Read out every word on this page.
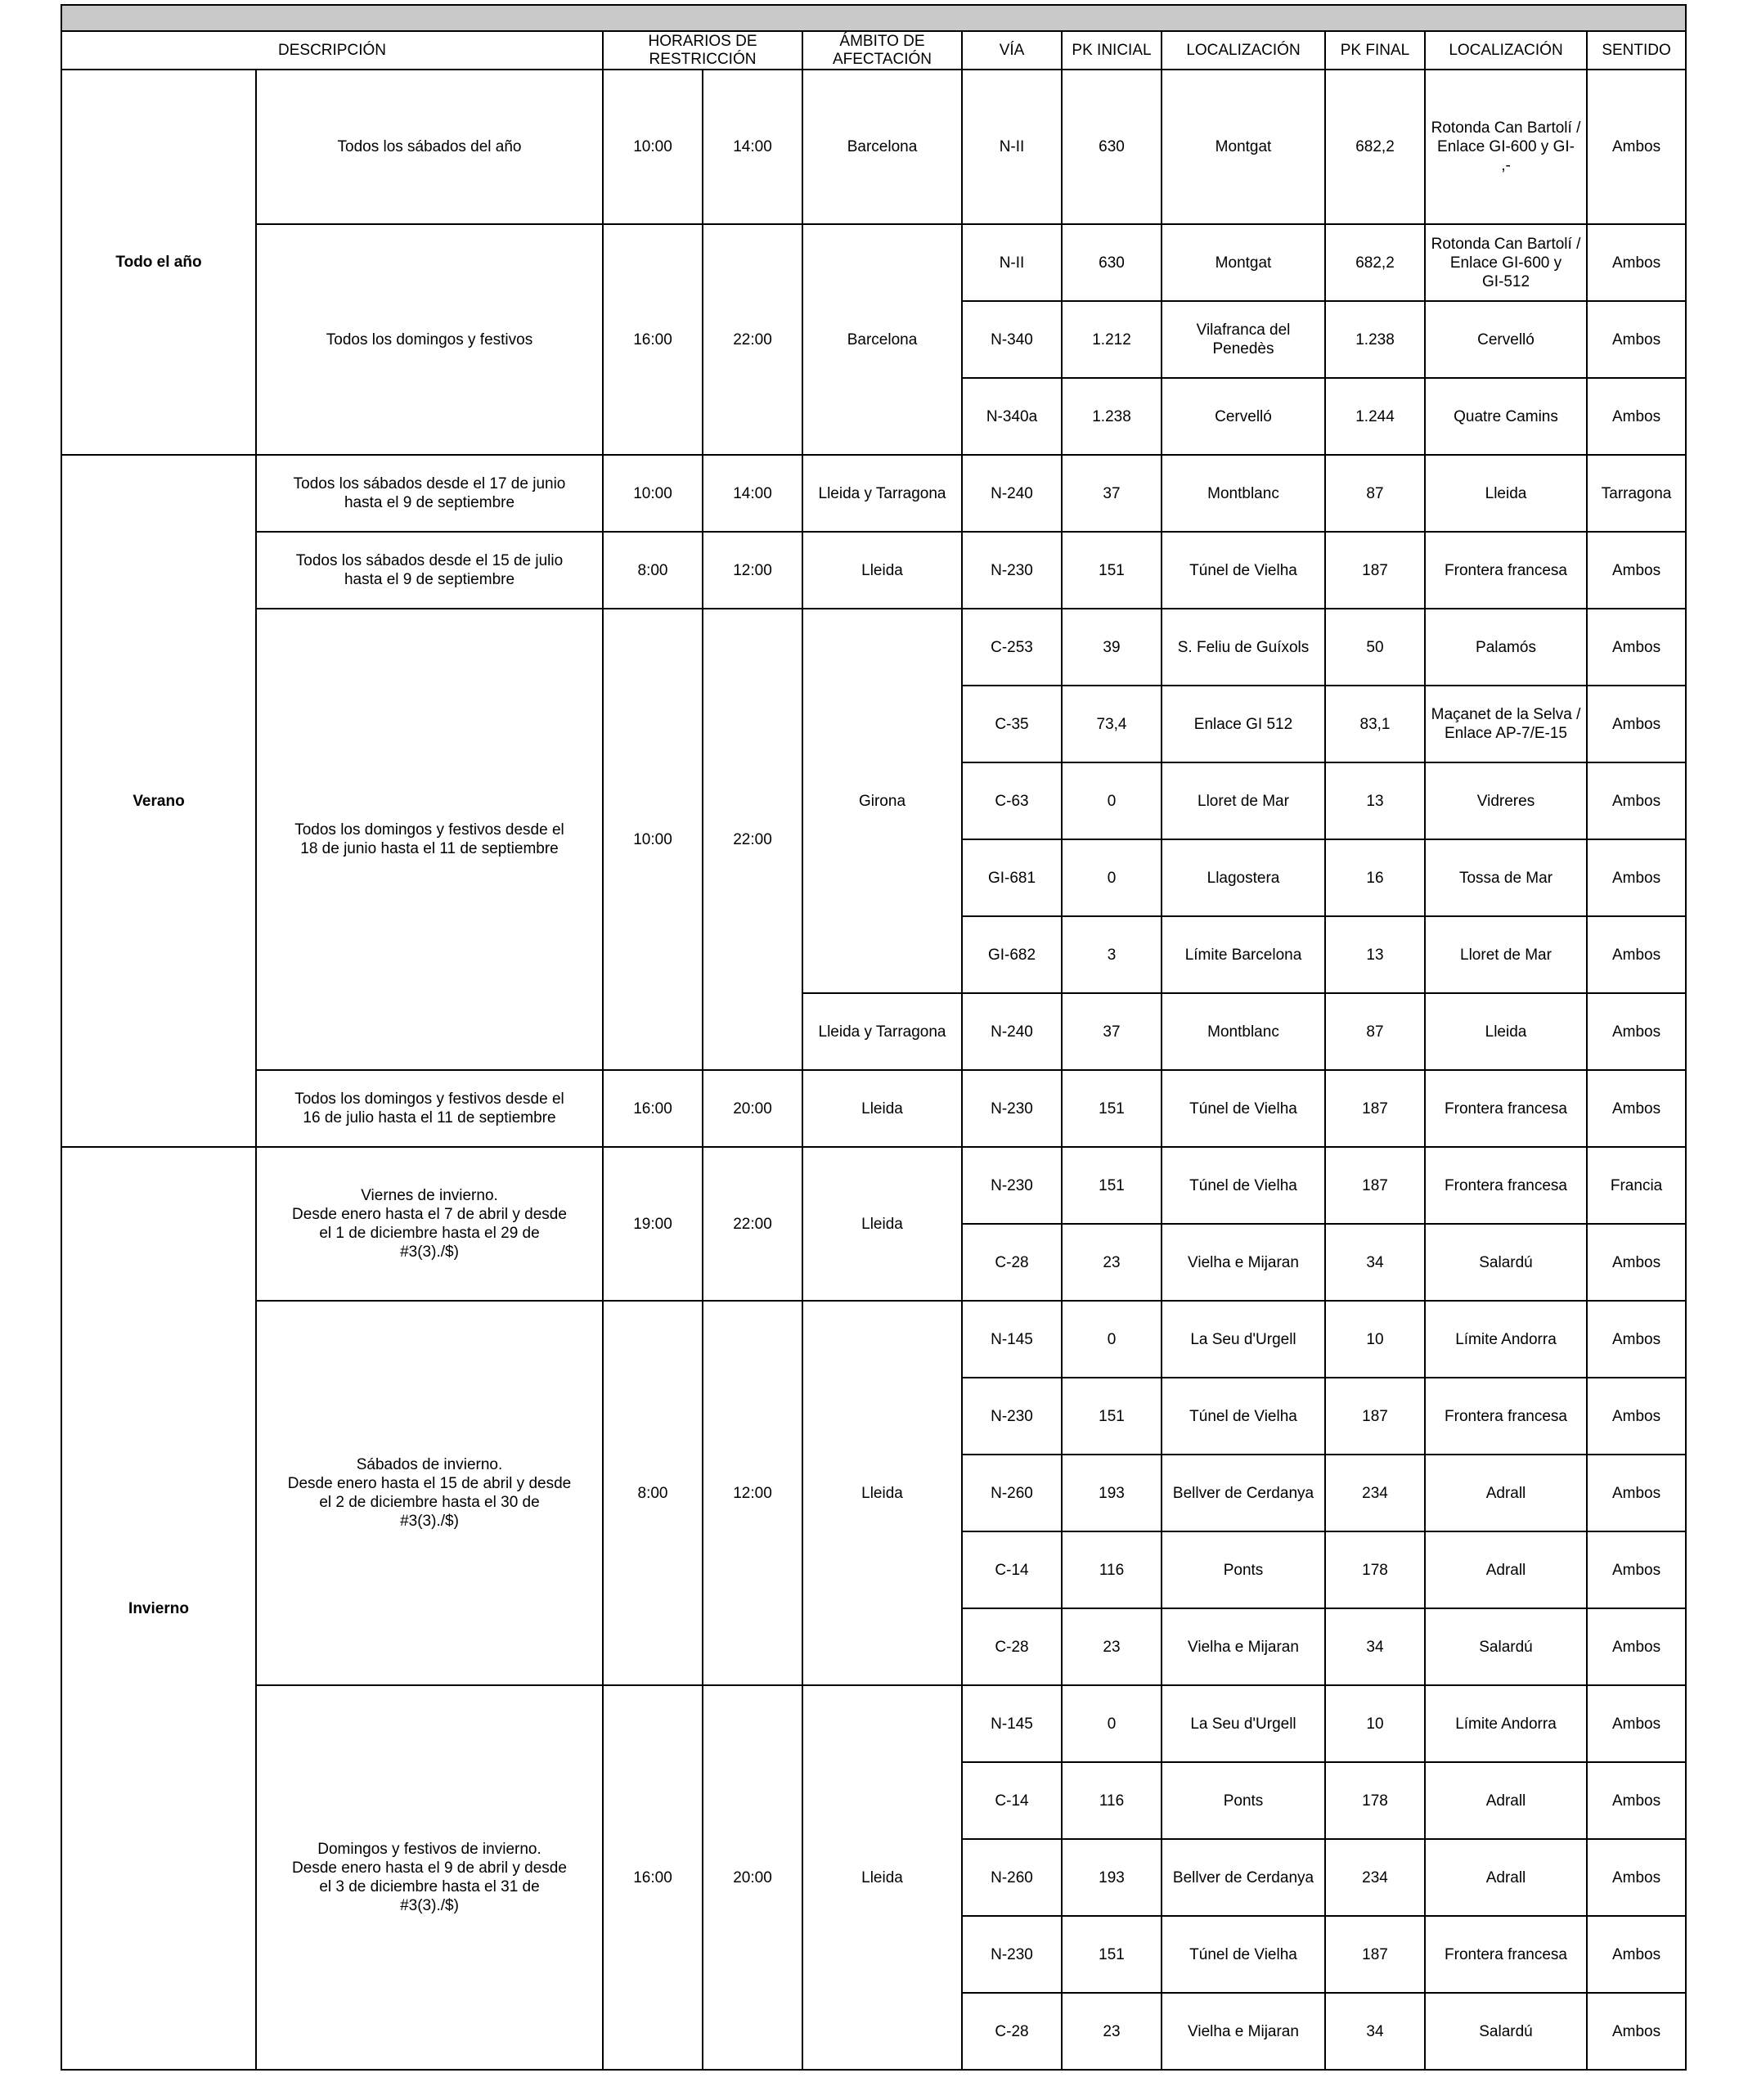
DESCRIPCIÓN		HORARIOS DE RESTRICCIÓN		ÁMBITO DE AFECTACIÓN	VÍA	PK INICIAL	LOCALIZACIÓN	PK FINAL	LOCALIZACIÓN	SENTIDO
Todo el año	Todos los sábados del año	10:00	14:00	Barcelona	N-II	630	Montgat	682,2	Rotonda Can Bartolí /
Enlace GI-600 y GI-
,-	Ambos
	Todos los domingos y festivos	16:00	22:00	Barcelona	N-II	630	Montgat	682,2	Rotonda Can Bartolí /
Enlace GI-600 y
GI-512	Ambos
					N-340	1.212	Vilafranca del
Penedès	1.238	Cervelló	Ambos
					N-340a	1.238	Cervelló	1.244	Quatre Camins	Ambos
Verano	Todos los sábados desde el 17 de junio
hasta el 9 de septiembre	10:00	14:00	Lleida y Tarragona	N-240	37	Montblanc	87	Lleida	Tarragona
	Todos los sábados desde el 15 de julio
hasta el 9 de septiembre	8:00	12:00	Lleida	N-230	151	Túnel de Vielha	187	Frontera francesa	Ambos
	Todos los domingos y festivos desde el
18 de junio hasta el 11 de septiembre	10:00	22:00	Girona	C-253	39	S. Feliu de Guíxols	50	Palamós	Ambos
					C-35	73,4	Enlace GI 512	83,1	Maçanet de la Selva /
Enlace AP-7/E-15	Ambos
					C-63	0	Lloret de Mar	13	Vidreres	Ambos
					GI-681	0	Llagostera	16	Tossa de Mar	Ambos
					GI-682	3	Límite Barcelona	13	Lloret de Mar	Ambos
				Lleida y Tarragona	N-240	37	Montblanc	87	Lleida	Ambos
	Todos los domingos y festivos desde el
16 de julio hasta el 11 de septiembre	16:00	20:00	Lleida	N-230	151	Túnel de Vielha	187	Frontera francesa	Ambos
Invierno	Viernes de invierno.
Desde enero hasta el 7 de abril y desde
el 1 de diciembre hasta el 29 de
#3(3)./$)	19:00	22:00	Lleida	N-230	151	Túnel de Vielha	187	Frontera francesa	Francia
					C-28	23	Vielha e Mijaran	34	Salardú	Ambos
	Sábados de invierno.
Desde enero hasta el 15 de abril y desde
el 2 de diciembre hasta el 30 de
#3(3)./$)	8:00	12:00	Lleida	N-145	0	La Seu d'Urgell	10	Límite Andorra	Ambos
					N-230	151	Túnel de Vielha	187	Frontera francesa	Ambos
					N-260	193	Bellver de Cerdanya	234	Adrall	Ambos
					C-14	116	Ponts	178	Adrall	Ambos
					C-28	23	Vielha e Mijaran	34	Salardú	Ambos
	Domingos y festivos de invierno.
Desde enero hasta el 9 de abril y desde
el 3 de diciembre hasta el 31 de
#3(3)./$)	16:00	20:00	Lleida	N-145	0	La Seu d'Urgell	10	Límite Andorra	Ambos
					C-14	116	Ponts	178	Adrall	Ambos
					N-260	193	Bellver de Cerdanya	234	Adrall	Ambos
					N-230	151	Túnel de Vielha	187	Frontera francesa	Ambos
					C-28	23	Vielha e Mijaran	34	Salardú	Ambos
